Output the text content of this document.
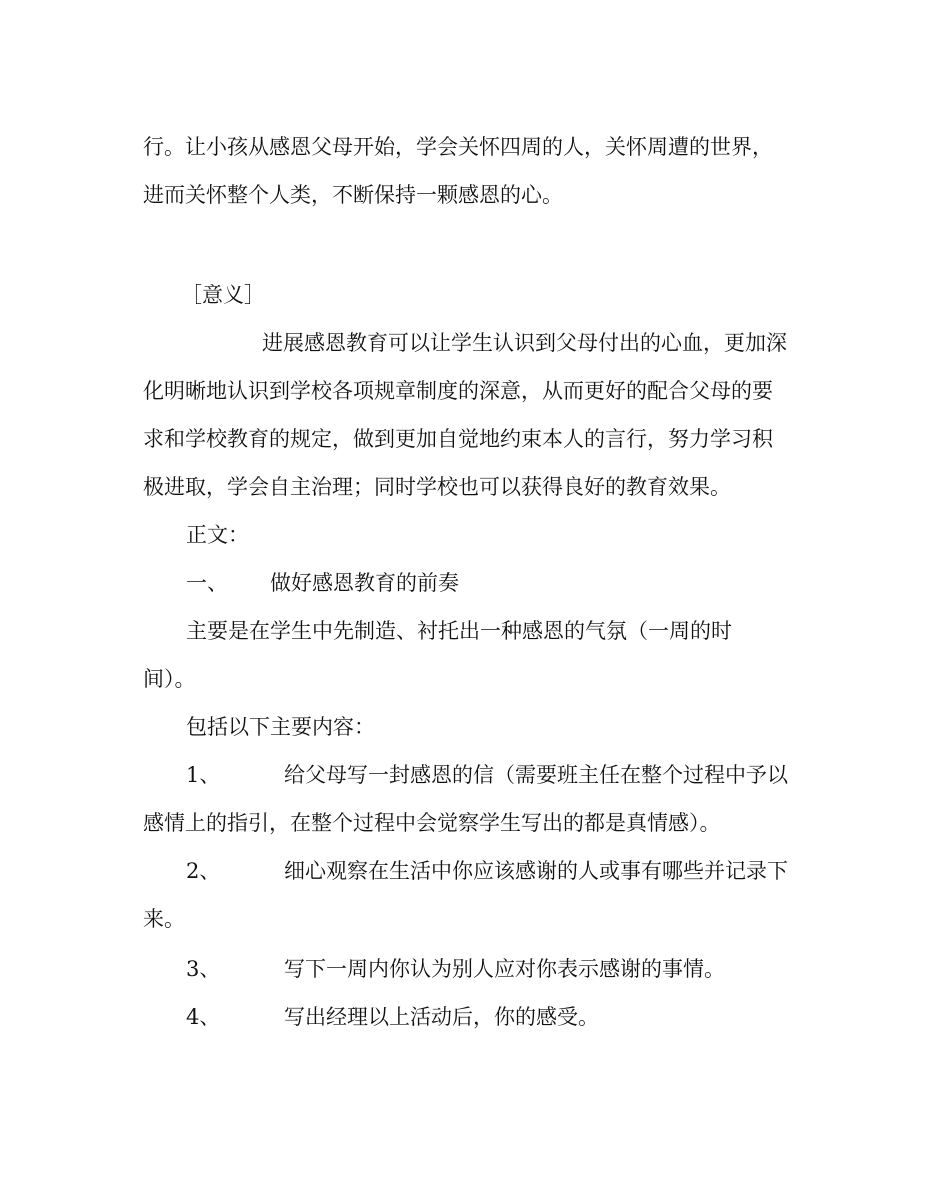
行。让小孩从感恩父母开始，学会关怀四周的人，关怀周遭的世界，
进而关怀整个人类，不断保持一颗感恩的心。
［意义］
进展感恩教育可以让学生认识到父母付出的心血，更加深
化明晰地认识到学校各项规章制度的深意，从而更好的配合父母的要
求和学校教育的规定，做到更加自觉地约束本人的言行，努力学习积
极进取，学会自主治理；同时学校也可以获得良好的教育效果。
正文：
一、 做好感恩教育的前奏
主要是在学生中先制造、衬托出一种感恩的气氛（一周的时
间）。
包括以下主要内容：
1、	给父母写一封感恩的信（需要班主任在整个过程中予以
感情上的指引，在整个过程中会觉察学生写出的都是真情感）。
2、	细心观察在生活中你应该感谢的人或事有哪些并记录下
来。
3、	写下一周内你认为别人应对你表示感谢的事情。
4、	写出经理以上活动后，你的感受。
